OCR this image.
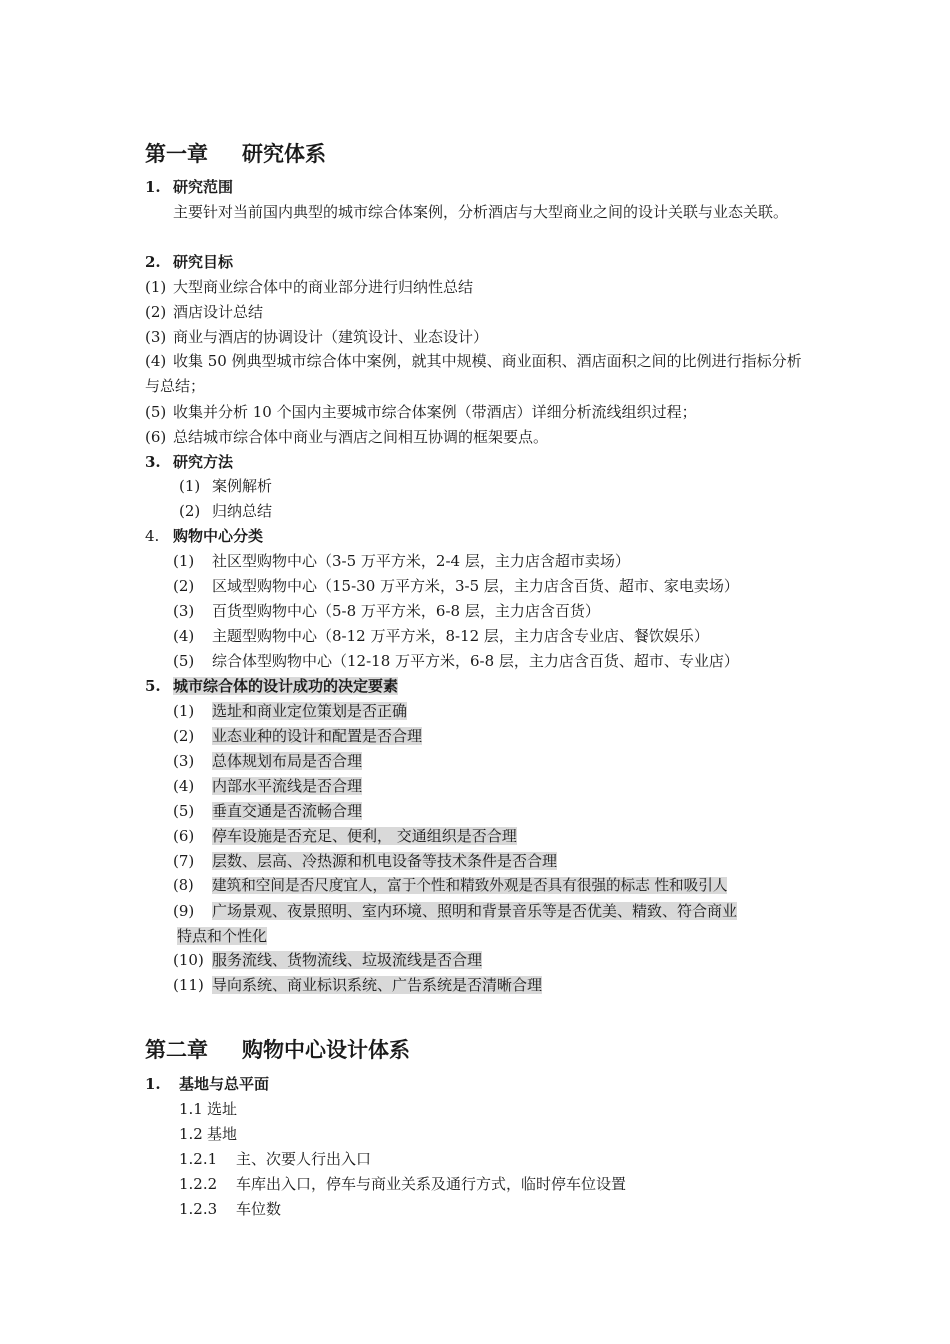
第一章 研究体系
1. 研究范围
主要针对当前国内典型的城市综合体案例，分析酒店与大型商业之间的设计关联与业态关联。
2. 研究目标
(1) 大型商业综合体中的商业部分进行归纳性总结
(2) 酒店设计总结
(3) 商业与酒店的协调设计（建筑设计、业态设计）
(4) 收集 50 例典型城市综合体中案例，就其中规模、商业面积、酒店面积之间的比例进行指标分析与总结；
(5) 收集并分析 10 个国内主要城市综合体案例（带酒店）详细分析流线组织过程；
(6) 总结城市综合体中商业与酒店之间相互协调的框架要点。
3. 研究方法
(1) 案例解析
(2) 归纳总结
4. 购物中心分类
(1) 社区型购物中心（3-5 万平方米，2-4 层，主力店含超市卖场）
(2) 区域型购物中心（15-30 万平方米，3-5 层，主力店含百货、超市、家电卖场）
(3) 百货型购物中心（5-8 万平方米，6-8 层，主力店含百货）
(4) 主题型购物中心（8-12 万平方米，8-12 层，主力店含专业店、餐饮娱乐）
(5) 综合体型购物中心（12-18 万平方米，6-8 层，主力店含百货、超市、专业店）
5. 城市综合体的设计成功的决定要素
(1) 选址和商业定位策划是否正确
(2) 业态业种的设计和配置是否合理
(3) 总体规划布局是否合理
(4) 内部水平流线是否合理
(5) 垂直交通是否流畅合理
(6) 停车设施是否充足、便利， 交通组织是否合理
(7) 层数、层高、冷热源和机电设备等技术条件是否合理
(8) 建筑和空间是否尺度宜人，富于个性和精致外观是否具有很强的标志 性和吸引人
(9) 广场景观、夜景照明、室内环境、照明和背景音乐等是否优美、精致、符合商业
特点和个性化
(10) 服务流线、货物流线、垃圾流线是否合理
(11) 导向系统、商业标识系统、广告系统是否清晰合理
第二章 购物中心设计体系
1. 基地与总平面
1.1 选址
1.2 基地
1.2.1 主、次要人行出入口
1.2.2 车库出入口，停车与商业关系及通行方式，临时停车位设置
1.2.3 车位数
